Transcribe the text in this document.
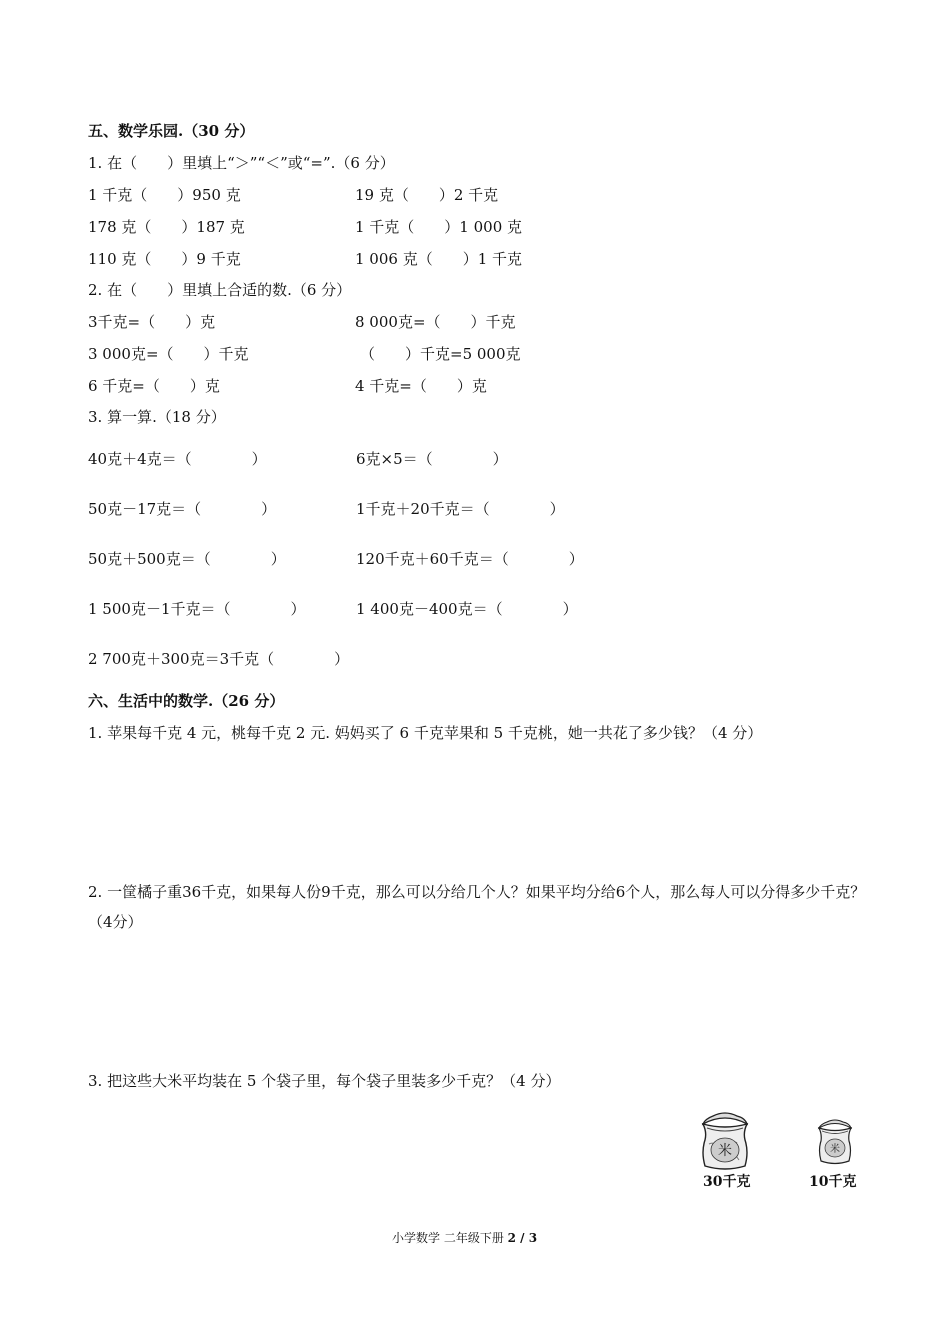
五、数学乐园.（30 分）
1. 在（　　）里填上“＞”“＜”或“=”.（6 分）
1 千克（　　）950 克	19 克（　　）2 千克
178 克（　　）187 克	1 千克（　　）1 000 克
110 克（　　）9 千克	1 006 克（　　）1 千克
2. 在（　　）里填上合适的数.（6 分）
3千克=（　　）克	8 000克=（　　）千克
3 000克=（　　）千克	（　　）千克=5 000克
6 千克=（　　）克	4 千克=（　　）克
3. 算一算.（18 分）
40克＋4克＝（　　　　）	6克×5＝（　　　　）
50克－17克＝（　　　　）	1千克＋20千克＝（　　　　）
50克＋500克＝（　　　　）	120千克＋60千克＝（　　　　）
1 500克－1千克＝（　　　　）	1 400克－400克＝（　　　　）
2 700克＋300克＝3千克（　　　　）
六、生活中的数学.（26 分）
1. 苹果每千克 4 元，桃每千克 2 元. 妈妈买了 6 千克苹果和 5 千克桃，她一共花了多少钱？（4 分）
2. 一筐橘子重36千克，如果每人份9千克，那么可以分给几个人？如果平均分给6个人，那么每人可以分得多少千克？（4分）
3. 把这些大米平均装在 5 个袋子里，每个袋子里装多少千克？（4 分）
米
30千克
米
10千克
小学数学 二年级下册 2 / 3
